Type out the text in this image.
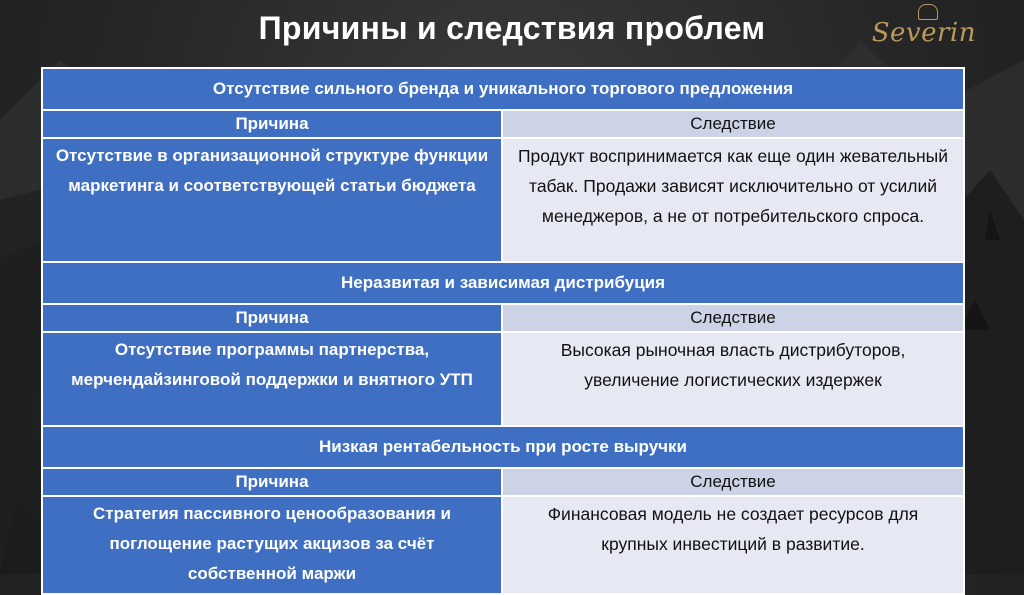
Причины и следствия проблем	Severin
Отсутствие сильного бренда и уникального торгового предложения	
Причина	Следствие
Отсутствие в организационной структуре функции маркетинга и соответствующей статьи бюджета	Продукт воспринимается как еще один жевательный табак. Продажи зависят исключительно от усилий менеджеров, а не от потребительского спроса.
Неразвитая и зависимая дистрибуция	
Причина	Следствие
Отсутствие программы партнерства, мерчендайзинговой поддержки и внятного УТП	Высокая рыночная власть дистрибуторов, увеличение логистических издержек
Низкая рентабельность при росте выручки	
Причина	Следствие
Стратегия пассивного ценообразования и поглощение растущих акцизов за счёт собственной маржи	Финансовая модель не создает ресурсов для крупных инвестиций в развитие.
